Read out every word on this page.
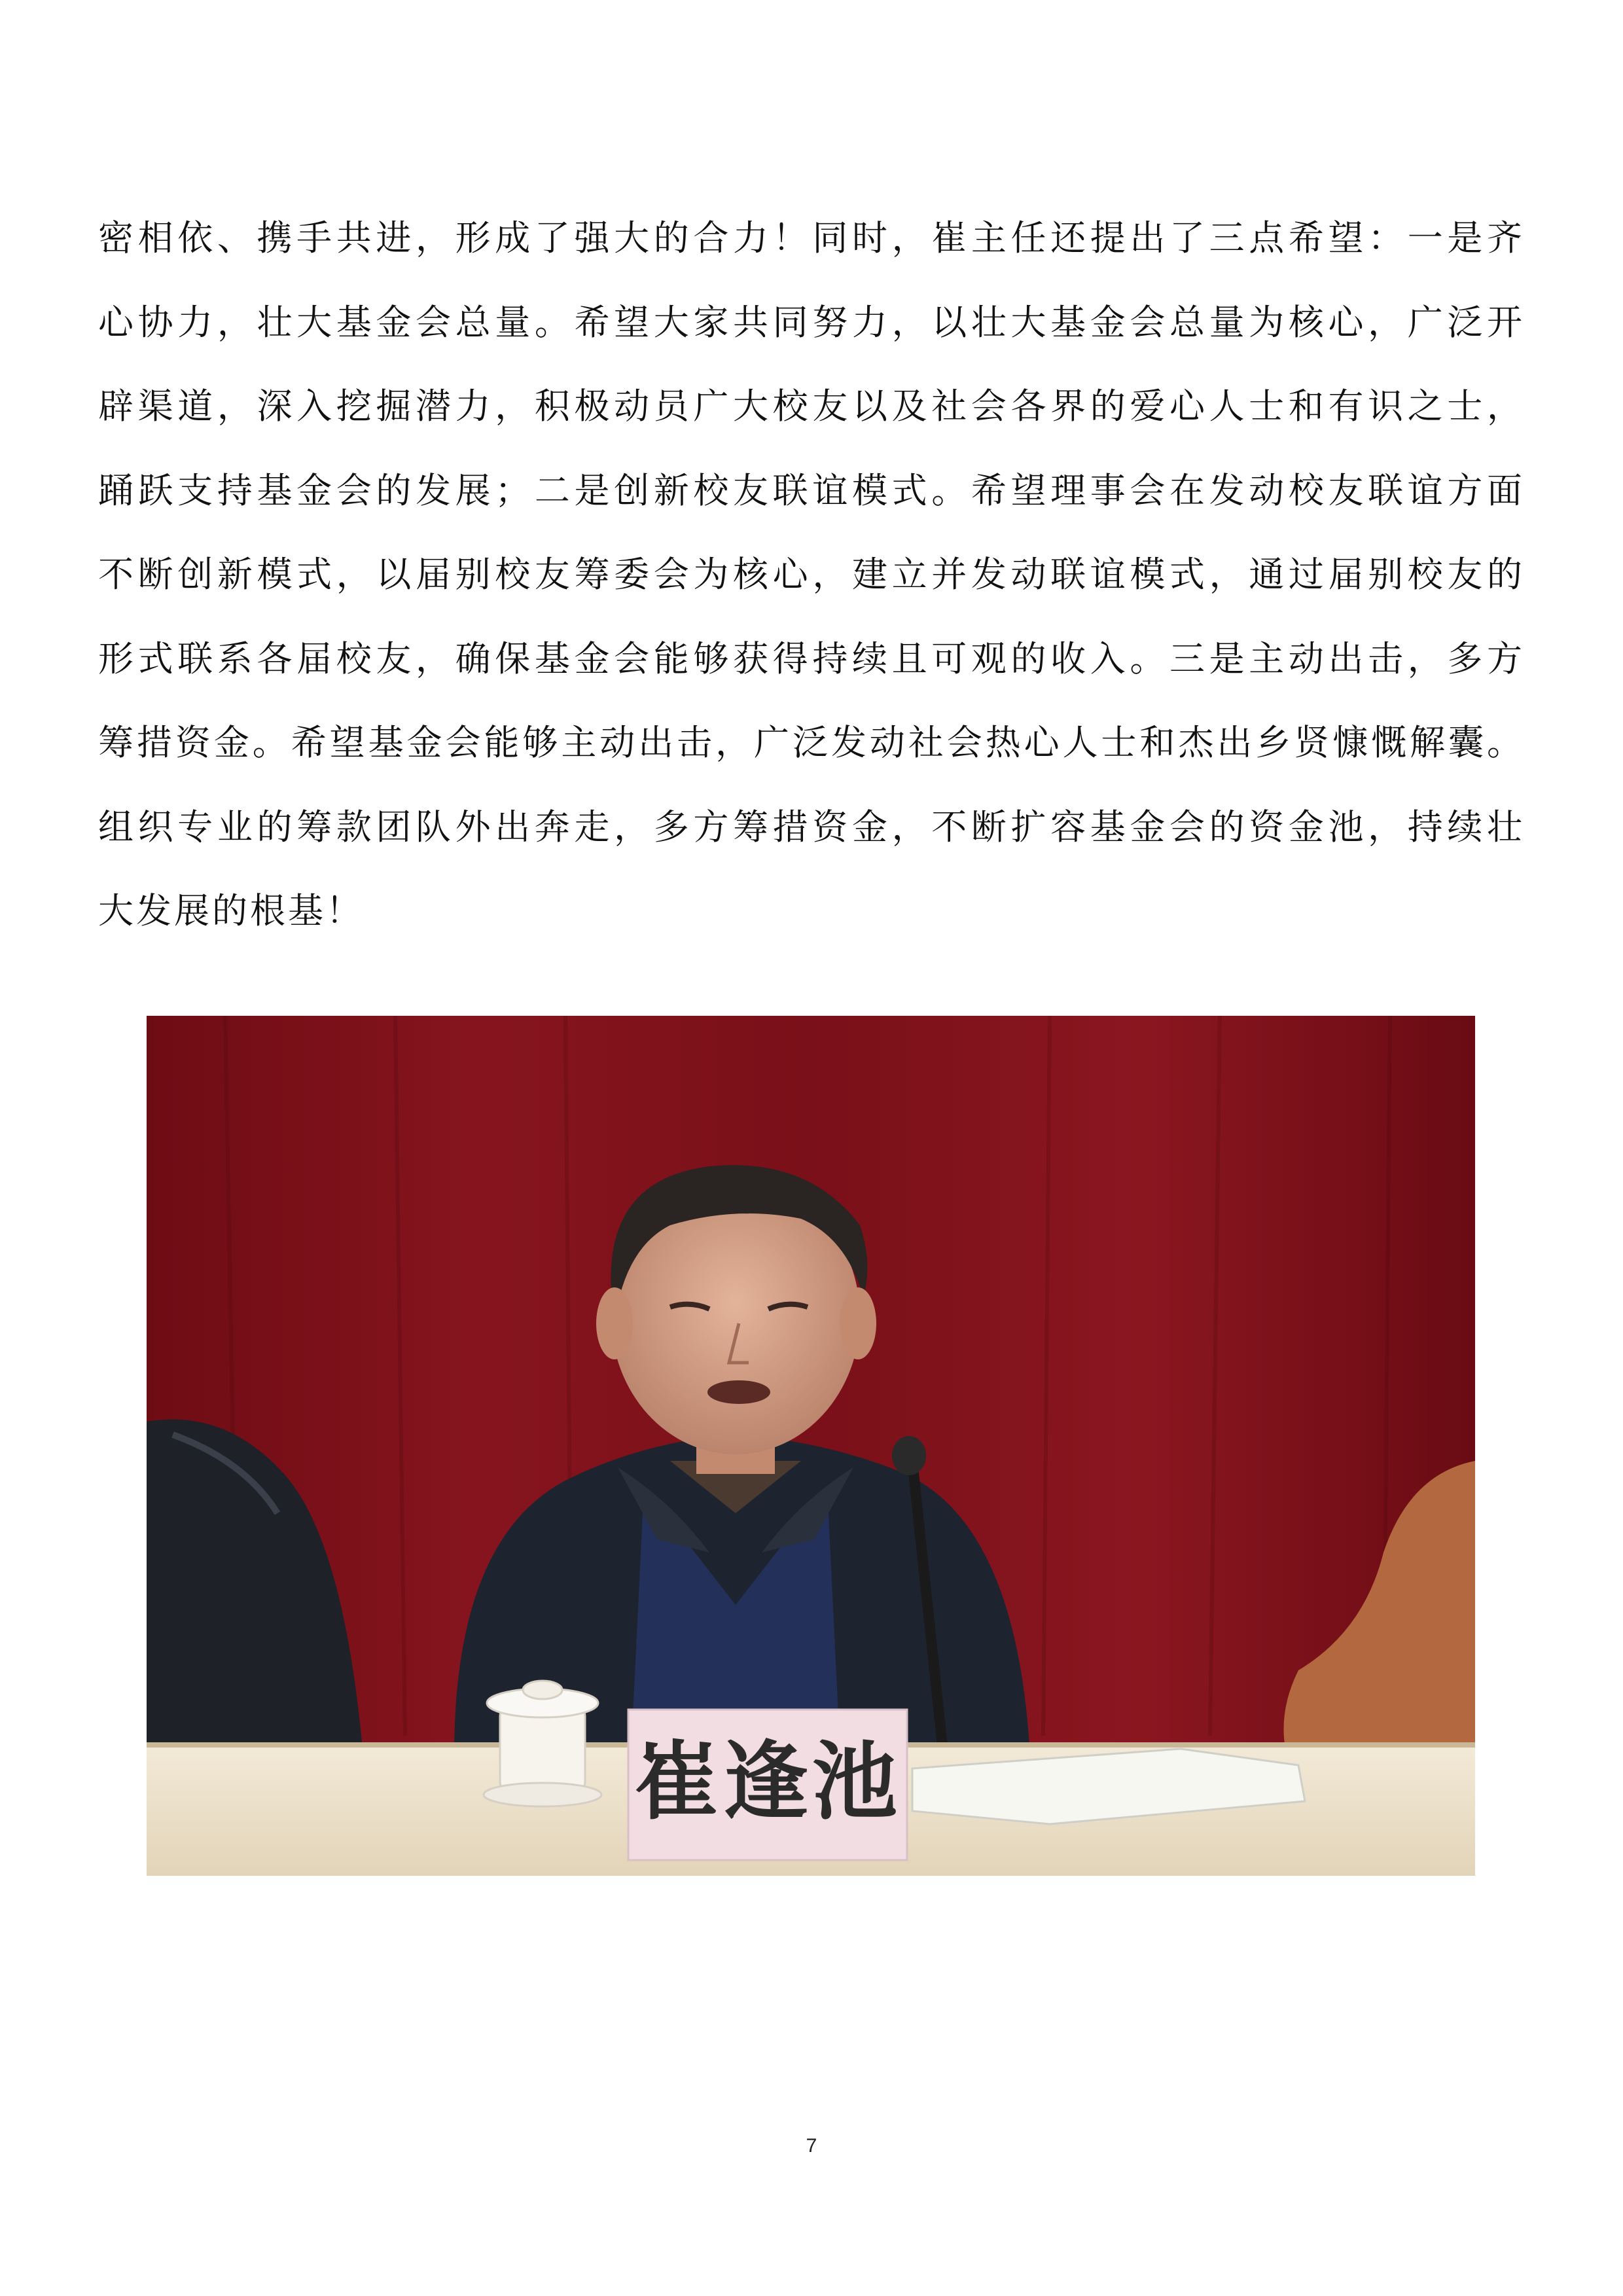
密相依、携手共进，形成了强大的合力！同时，崔主任还提出了三点希望：一是齐
心协力，壮大基金会总量。希望大家共同努力，以壮大基金会总量为核心，广泛开
辟渠道，深入挖掘潜力，积极动员广大校友以及社会各界的爱心人士和有识之士，
踊跃支持基金会的发展；二是创新校友联谊模式。希望理事会在发动校友联谊方面
不断创新模式，以届别校友筹委会为核心，建立并发动联谊模式，通过届别校友的
形式联系各届校友，确保基金会能够获得持续且可观的收入。三是主动出击，多方
筹措资金。希望基金会能够主动出击，广泛发动社会热心人士和杰出乡贤慷慨解囊。
组织专业的筹款团队外出奔走，多方筹措资金，不断扩容基金会的资金池，持续壮
大发展的根基！
崔逢池
7
